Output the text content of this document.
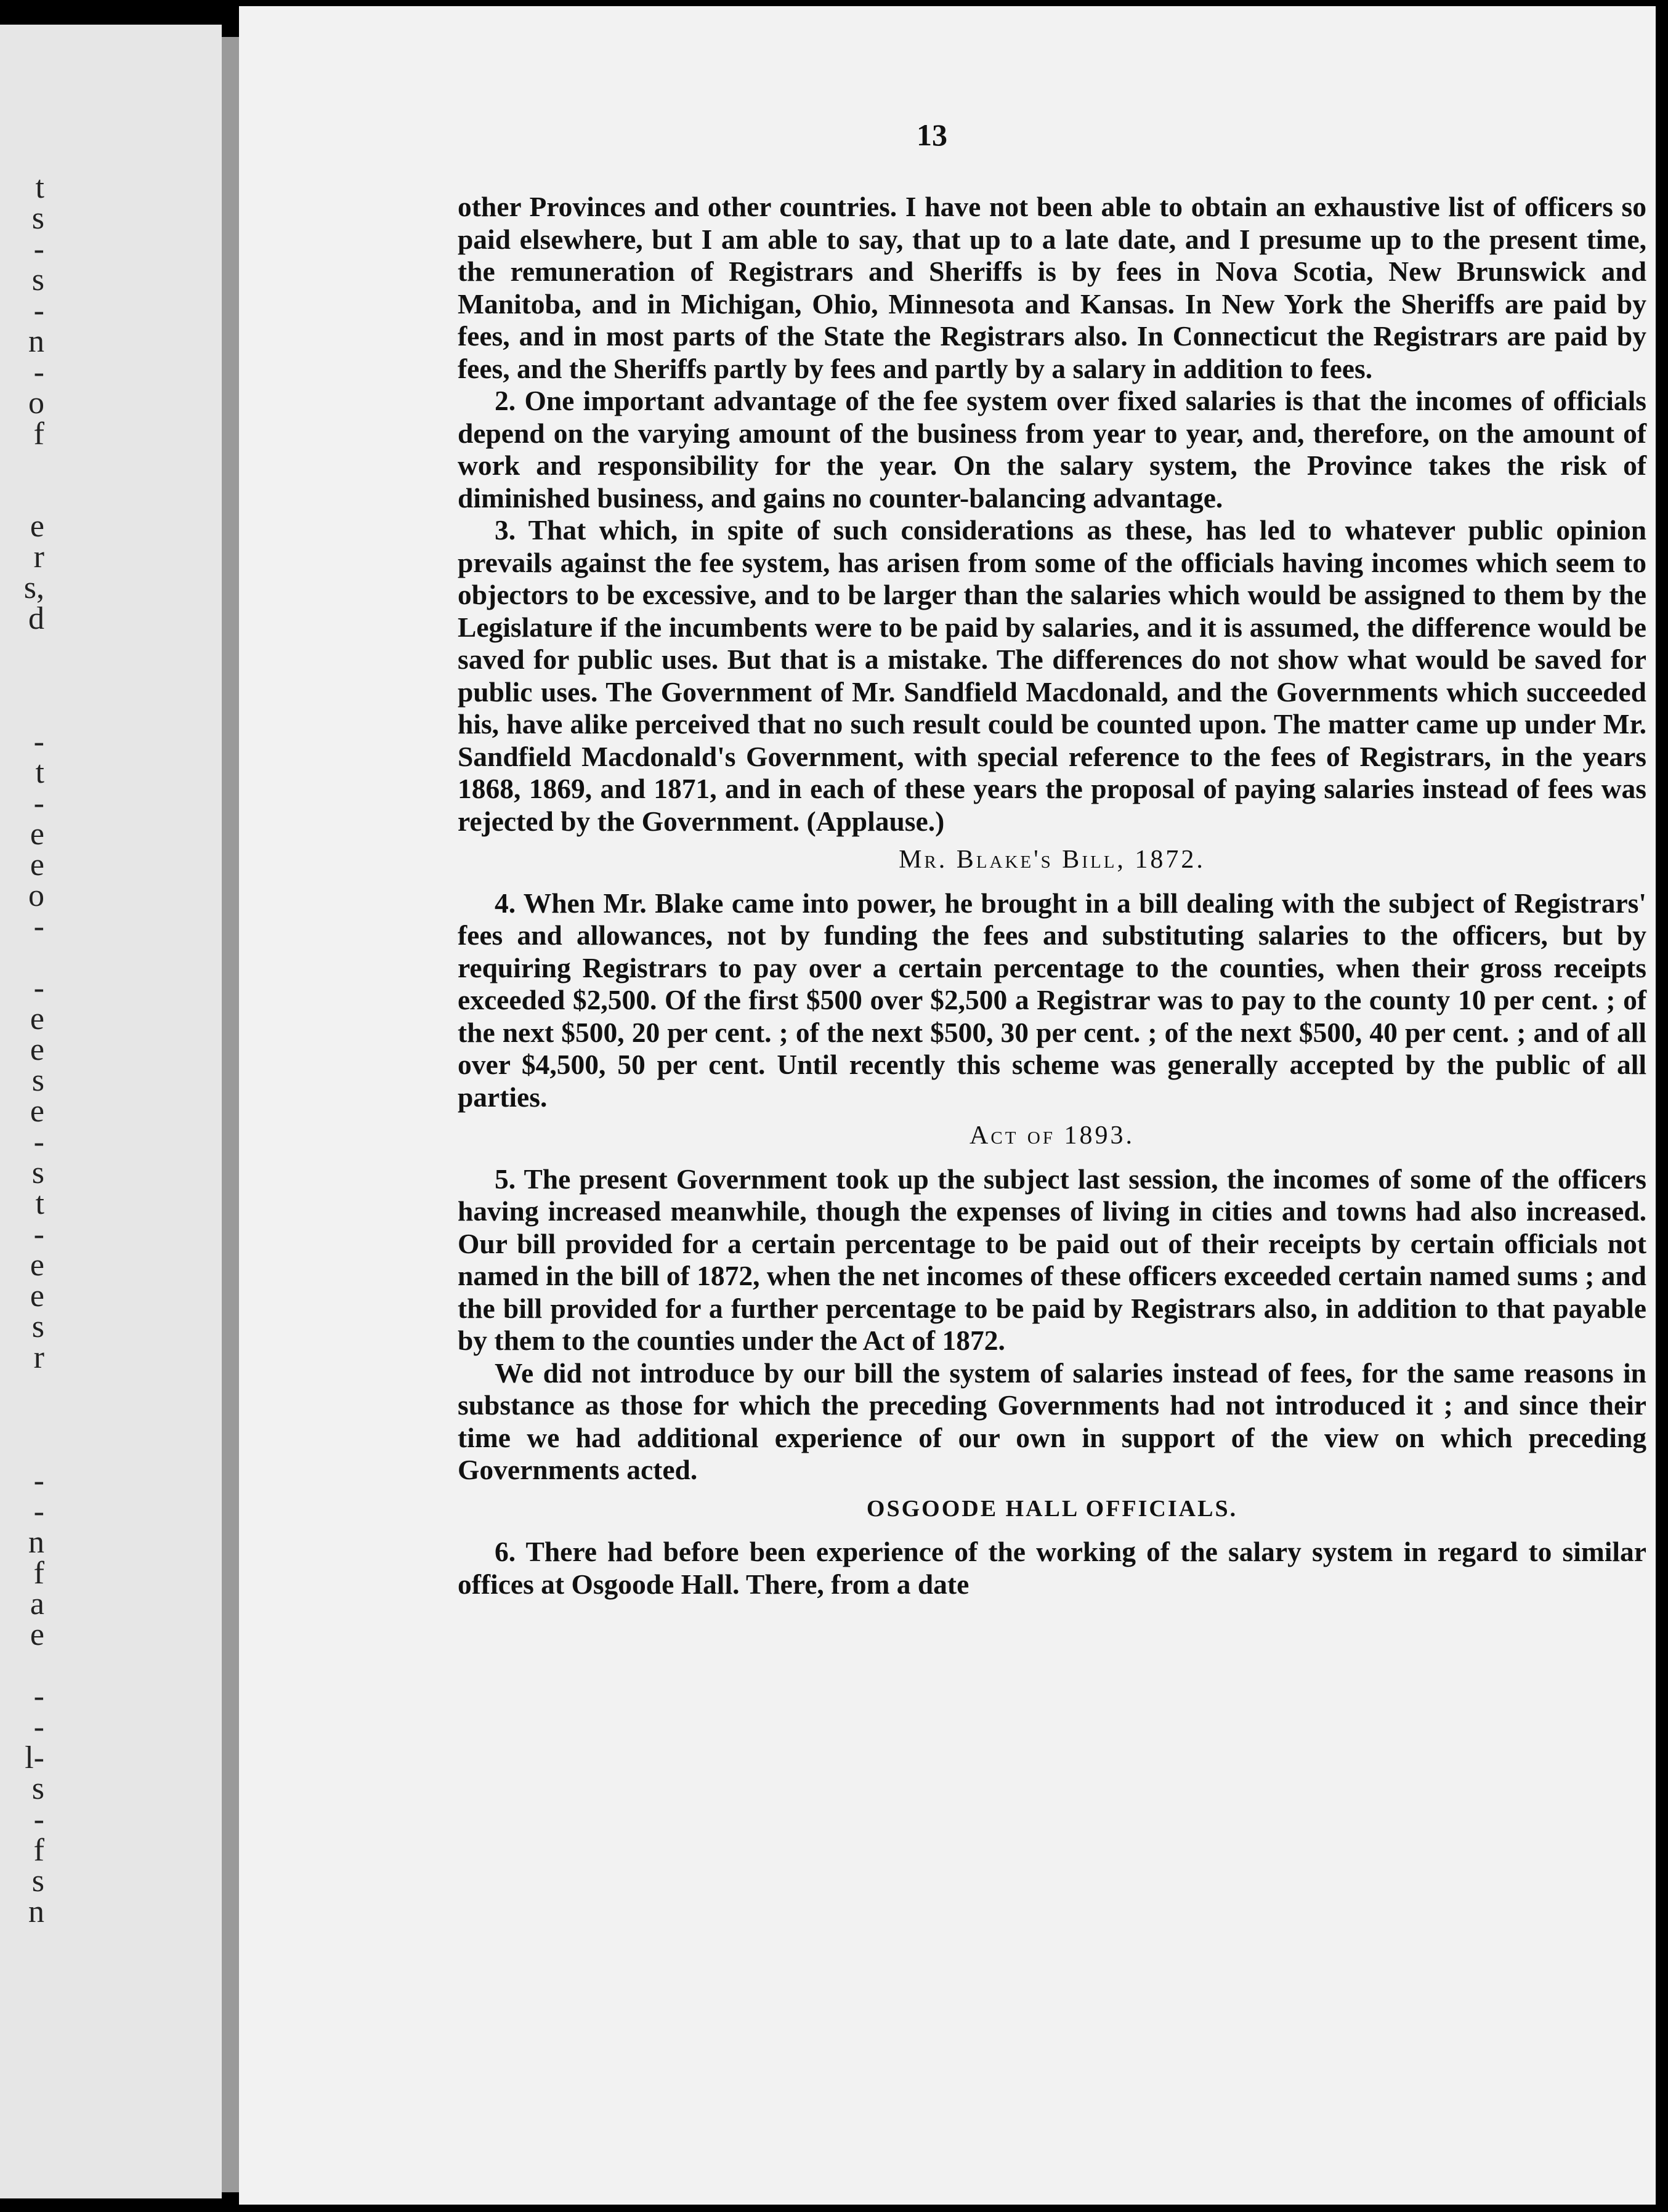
t
s
-
s
-
n
-
o
f
e
r
s,
d
-
t
-
e
e
o
-
-
e
e
s
e
-
s
t
-
e
e
s
r
-
-
n
f
a
e
-
-
l-
s
-
f
s
n
13

other Provinces and other countries. I have not been able to obtain an exhaustive list of officers so paid elsewhere, but I am able to say, that up to a late date, and I presume up to the present time, the remuneration of Registrars and Sheriffs is by fees in Nova Scotia, New Brunswick and Manitoba, and in Michigan, Ohio, Minnesota and Kansas. In New York the Sheriffs are paid by fees, and in most parts of the State the Registrars also. In Connecticut the Registrars are paid by fees, and the Sheriffs partly by fees and partly by a salary in addition to fees.

2. One important advantage of the fee system over fixed salaries is that the incomes of officials depend on the varying amount of the business from year to year, and, therefore, on the amount of work and responsibility for the year. On the salary system, the Province takes the risk of diminished business, and gains no counter-balancing advantage.

3. That which, in spite of such considerations as these, has led to whatever public opinion prevails against the fee system, has arisen from some of the officials having incomes which seem to objectors to be excessive, and to be larger than the salaries which would be assigned to them by the Legislature if the incumbents were to be paid by salaries, and it is assumed, the difference would be saved for public uses. But that is a mistake. The differences do not show what would be saved for public uses. The Government of Mr. Sandfield Macdonald, and the Governments which succeeded his, have alike perceived that no such result could be counted upon. The matter came up under Mr. Sandfield Macdonald's Government, with special reference to the fees of Registrars, in the years 1868, 1869, and 1871, and in each of these years the proposal of paying salaries instead of fees was rejected by the Government. (Applause.)

Mr. Blake's Bill, 1872.

4. When Mr. Blake came into power, he brought in a bill dealing with the subject of Registrars' fees and allowances, not by funding the fees and substituting salaries to the officers, but by requiring Registrars to pay over a certain percentage to the counties, when their gross receipts exceeded $2,500. Of the first $500 over $2,500 a Registrar was to pay to the county 10 per cent. ; of the next $500, 20 per cent. ; of the next $500, 30 per cent. ; of the next $500, 40 per cent. ; and of all over $4,500, 50 per cent. Until recently this scheme was generally accepted by the public of all parties.

Act of 1893.

5. The present Government took up the subject last session, the incomes of some of the officers having increased meanwhile, though the expenses of living in cities and towns had also increased. Our bill provided for a certain percentage to be paid out of their receipts by certain officials not named in the bill of 1872, when the net incomes of these officers exceeded certain named sums ; and the bill provided for a further percentage to be paid by Registrars also, in addition to that payable by them to the counties under the Act of 1872.

We did not introduce by our bill the system of salaries instead of fees, for the same reasons in substance as those for which the preceding Governments had not introduced it ; and since their time we had additional experience of our own in support of the view on which preceding Governments acted.

OSGOODE HALL OFFICIALS.

6. There had before been experience of the working of the salary system in regard to similar offices at Osgoode Hall. There, from a date
